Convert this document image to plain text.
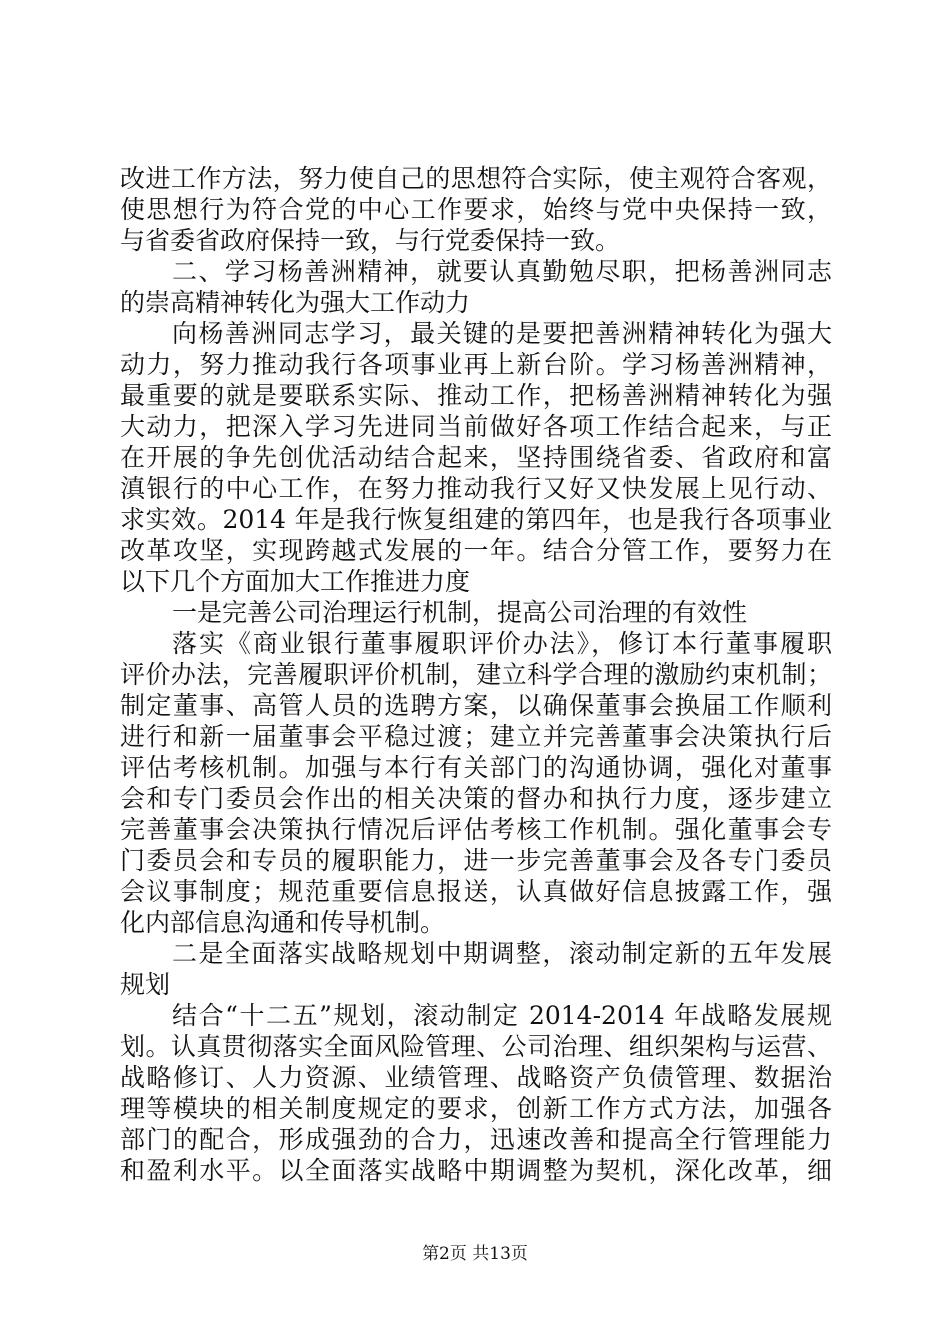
改进工作方法，努力使自己的思想符合实际，使主观符合客观，
使思想行为符合党的中心工作要求，始终与党中央保持一致，
与省委省政府保持一致，与行党委保持一致。
二、学习杨善洲精神，就要认真勤勉尽职，把杨善洲同志
的崇高精神转化为强大工作动力
向杨善洲同志学习，最关键的是要把善洲精神转化为强大
动力，努力推动我行各项事业再上新台阶。学习杨善洲精神，
最重要的就是要联系实际、推动工作，把杨善洲精神转化为强
大动力，把深入学习先进同当前做好各项工作结合起来，与正
在开展的争先创优活动结合起来，坚持围绕省委、省政府和富
滇银行的中心工作，在努力推动我行又好又快发展上见行动、
求实效。2014 年是我行恢复组建的第四年，也是我行各项事业
改革攻坚，实现跨越式发展的一年。结合分管工作，要努力在
以下几个方面加大工作推进力度
一是完善公司治理运行机制，提高公司治理的有效性
落实《商业银行董事履职评价办法》，修订本行董事履职
评价办法，完善履职评价机制，建立科学合理的激励约束机制；
制定董事、高管人员的选聘方案，以确保董事会换届工作顺利
进行和新一届董事会平稳过渡；建立并完善董事会决策执行后
评估考核机制。加强与本行有关部门的沟通协调，强化对董事
会和专门委员会作出的相关决策的督办和执行力度，逐步建立
完善董事会决策执行情况后评估考核工作机制。强化董事会专
门委员会和专员的履职能力，进一步完善董事会及各专门委员
会议事制度；规范重要信息报送，认真做好信息披露工作，强
化内部信息沟通和传导机制。
二是全面落实战略规划中期调整，滚动制定新的五年发展
规划
结合“十二五”规划，滚动制定 2014-2014 年战略发展规
划。认真贯彻落实全面风险管理、公司治理、组织架构与运营、
战略修订、人力资源、业绩管理、战略资产负债管理、数据治
理等模块的相关制度规定的要求，创新工作方式方法，加强各
部门的配合，形成强劲的合力，迅速改善和提高全行管理能力
和盈利水平。以全面落实战略中期调整为契机，深化改革，细
第2页 共13页
